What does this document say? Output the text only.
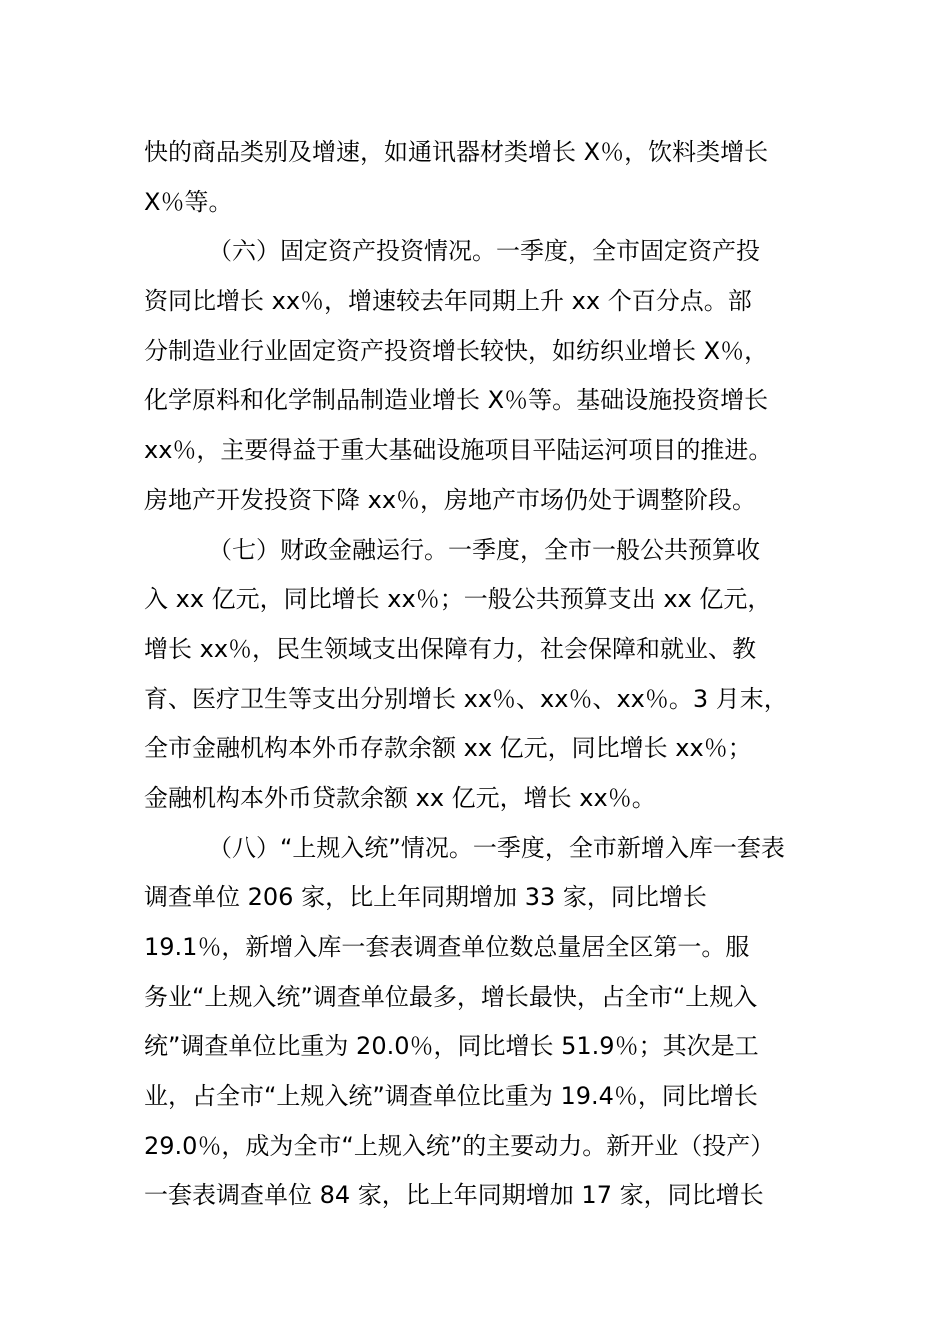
快的商品类别及增速，如通讯器材类增长 X％，饮料类增长
X％等。
（六）固定资产投资情况。一季度，全市固定资产投
资同比增长 xx％，增速较去年同期上升 xx 个百分点。部
分制造业行业固定资产投资增长较快，如纺织业增长 X％，
化学原料和化学制品制造业增长 X％等。基础设施投资增长
xx％，主要得益于重大基础设施项目平陆运河项目的推进。
房地产开发投资下降 xx％，房地产市场仍处于调整阶段。
（七）财政金融运行。一季度，全市一般公共预算收
入 xx 亿元，同比增长 xx％；一般公共预算支出 xx 亿元，
增长 xx％，民生领域支出保障有力，社会保障和就业、教
育、医疗卫生等支出分别增长 xx％、xx％、xx％。3 月末，
全市金融机构本外币存款余额 xx 亿元，同比增长 xx％；
金融机构本外币贷款余额 xx 亿元，增长 xx％。
（八）“上规入统”情况。一季度，全市新增入库一套表
调查单位 206 家，比上年同期增加 33 家，同比增长
19.1％，新增入库一套表调查单位数总量居全区第一。服
务业“上规入统”调查单位最多，增长最快，占全市“上规入
统”调查单位比重为 20.0％，同比增长 51.9％；其次是工
业，占全市“上规入统”调查单位比重为 19.4％，同比增长
29.0％，成为全市“上规入统”的主要动力。新开业（投产）
一套表调查单位 84 家，比上年同期增加 17 家，同比增长
